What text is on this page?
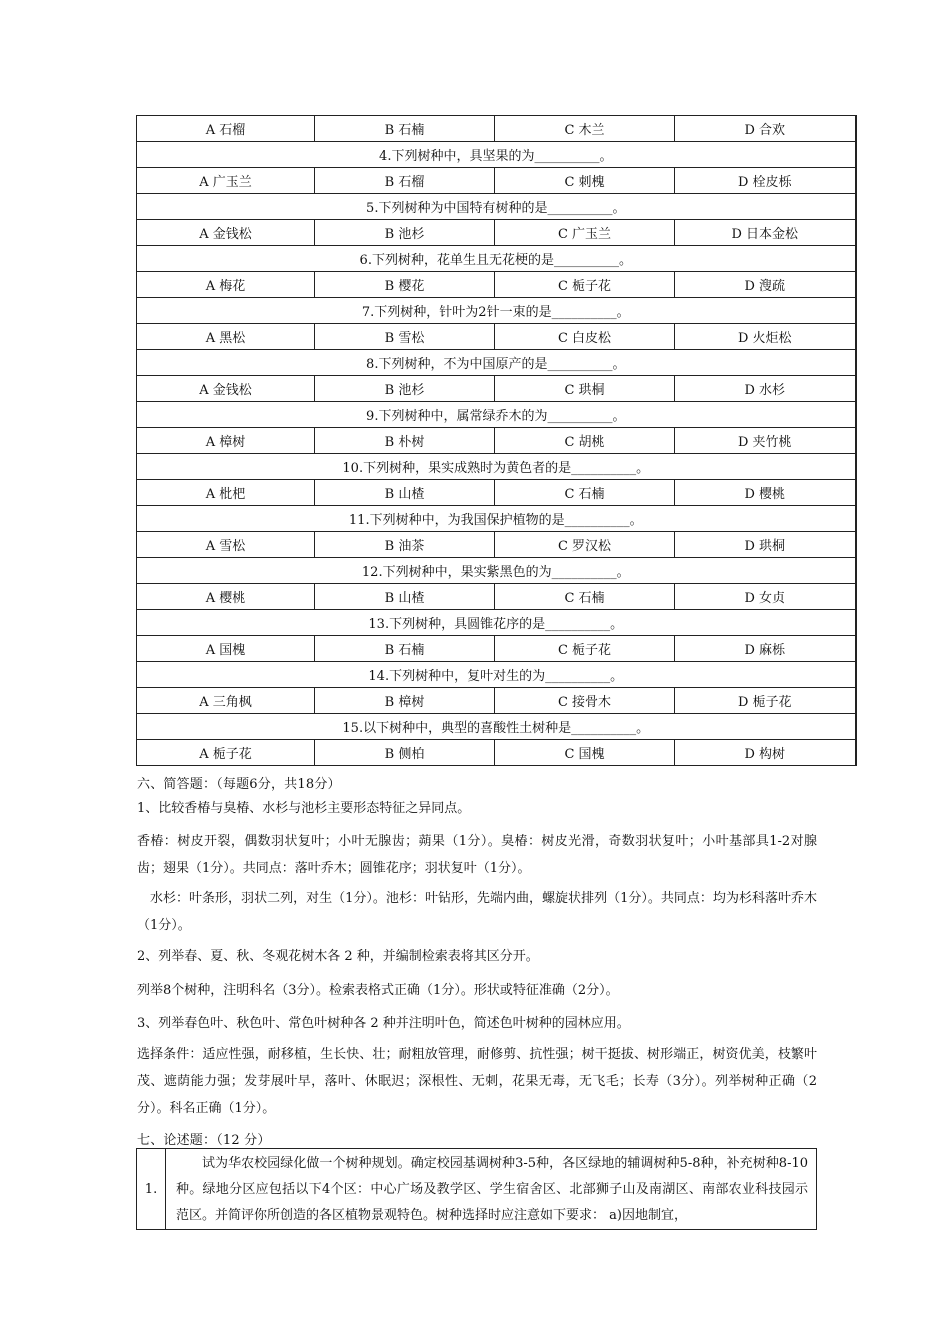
A 石榴	B 石楠	C 木兰	D 合欢
4.下列树种中，具坚果的为__________。			
A 广玉兰	B 石榴	C 刺槐	D 栓皮栎
5.下列树种为中国特有树种的是__________。			
A 金钱松	B 池杉	C 广玉兰	D 日本金松
6.下列树种，花单生且无花梗的是__________。			
A 梅花	B 樱花	C 栀子花	D 溲疏
7.下列树种，针叶为2针一束的是__________。			
A 黑松	B 雪松	C 白皮松	D 火炬松
8.下列树种，不为中国原产的是__________。			
A 金钱松	B 池杉	C 珙桐	D 水杉
9.下列树种中，属常绿乔木的为__________。			
A 樟树	B 朴树	C 胡桃	D 夹竹桃
10.下列树种，果实成熟时为黄色者的是__________。			
A 枇杷	B 山楂	C 石楠	D 樱桃
11.下列树种中，为我国保护植物的是__________。			
A 雪松	B 油茶	C 罗汉松	D 珙桐
12.下列树种中，果实紫黑色的为__________。			
A 樱桃	B 山楂	C 石楠	D 女贞
13.下列树种，具圆锥花序的是__________。			
A 国槐	B 石楠	C 栀子花	D 麻栎
14.下列树种中，复叶对生的为__________。			
A 三角枫	B 樟树	C 接骨木	D 栀子花
15.以下树种中，典型的喜酸性土树种是__________。			
A 栀子花	B 侧柏	C 国槐	D 构树
六、简答题：（每题6分，共18分）
1、比较香椿与臭椿、水杉与池杉主要形态特征之异同点。
香椿：树皮开裂，偶数羽状复叶；小叶无腺齿；蒴果（1分）。臭椿：树皮光滑，奇数羽状复叶；小叶基部具1-2对腺齿；翅果（1分）。共同点：落叶乔木；圆锥花序；羽状复叶（1分）。
水杉：叶条形，羽状二列，对生（1分）。池杉：叶钻形，先端内曲，螺旋状排列（1分）。共同点：均为杉科落叶乔木（1分）。
2、列举春、夏、秋、冬观花树木各 2 种，并编制检索表将其区分开。
列举8个树种，注明科名（3分）。检索表格式正确（1分）。形状或特征准确（2分）。
3、列举春色叶、秋色叶、常色叶树种各 2 种并注明叶色，简述色叶树种的园林应用。
选择条件：适应性强，耐移植，生长快、壮；耐粗放管理，耐修剪、抗性强；树干挺拔、树形端正，树资优美，枝繁叶茂、遮荫能力强；发芽展叶早，落叶、休眠迟；深根性、无刺，花果无毒，无飞毛；长寿（3分）。列举树种正确（2分）。科名正确（1分）。
七、论述题：（12 分）
1.	试为华农校园绿化做一个树种规划。确定校园基调树种3-5种，各区绿地的辅调树种5-8种，补充树种8-10种。绿地分区应包括以下4个区：中心广场及教学区、学生宿舍区、北部狮子山及南湖区、南部农业科技园示范区。并简评你所创造的各区植物景观特色。树种选择时应注意如下要求： a)因地制宜，
